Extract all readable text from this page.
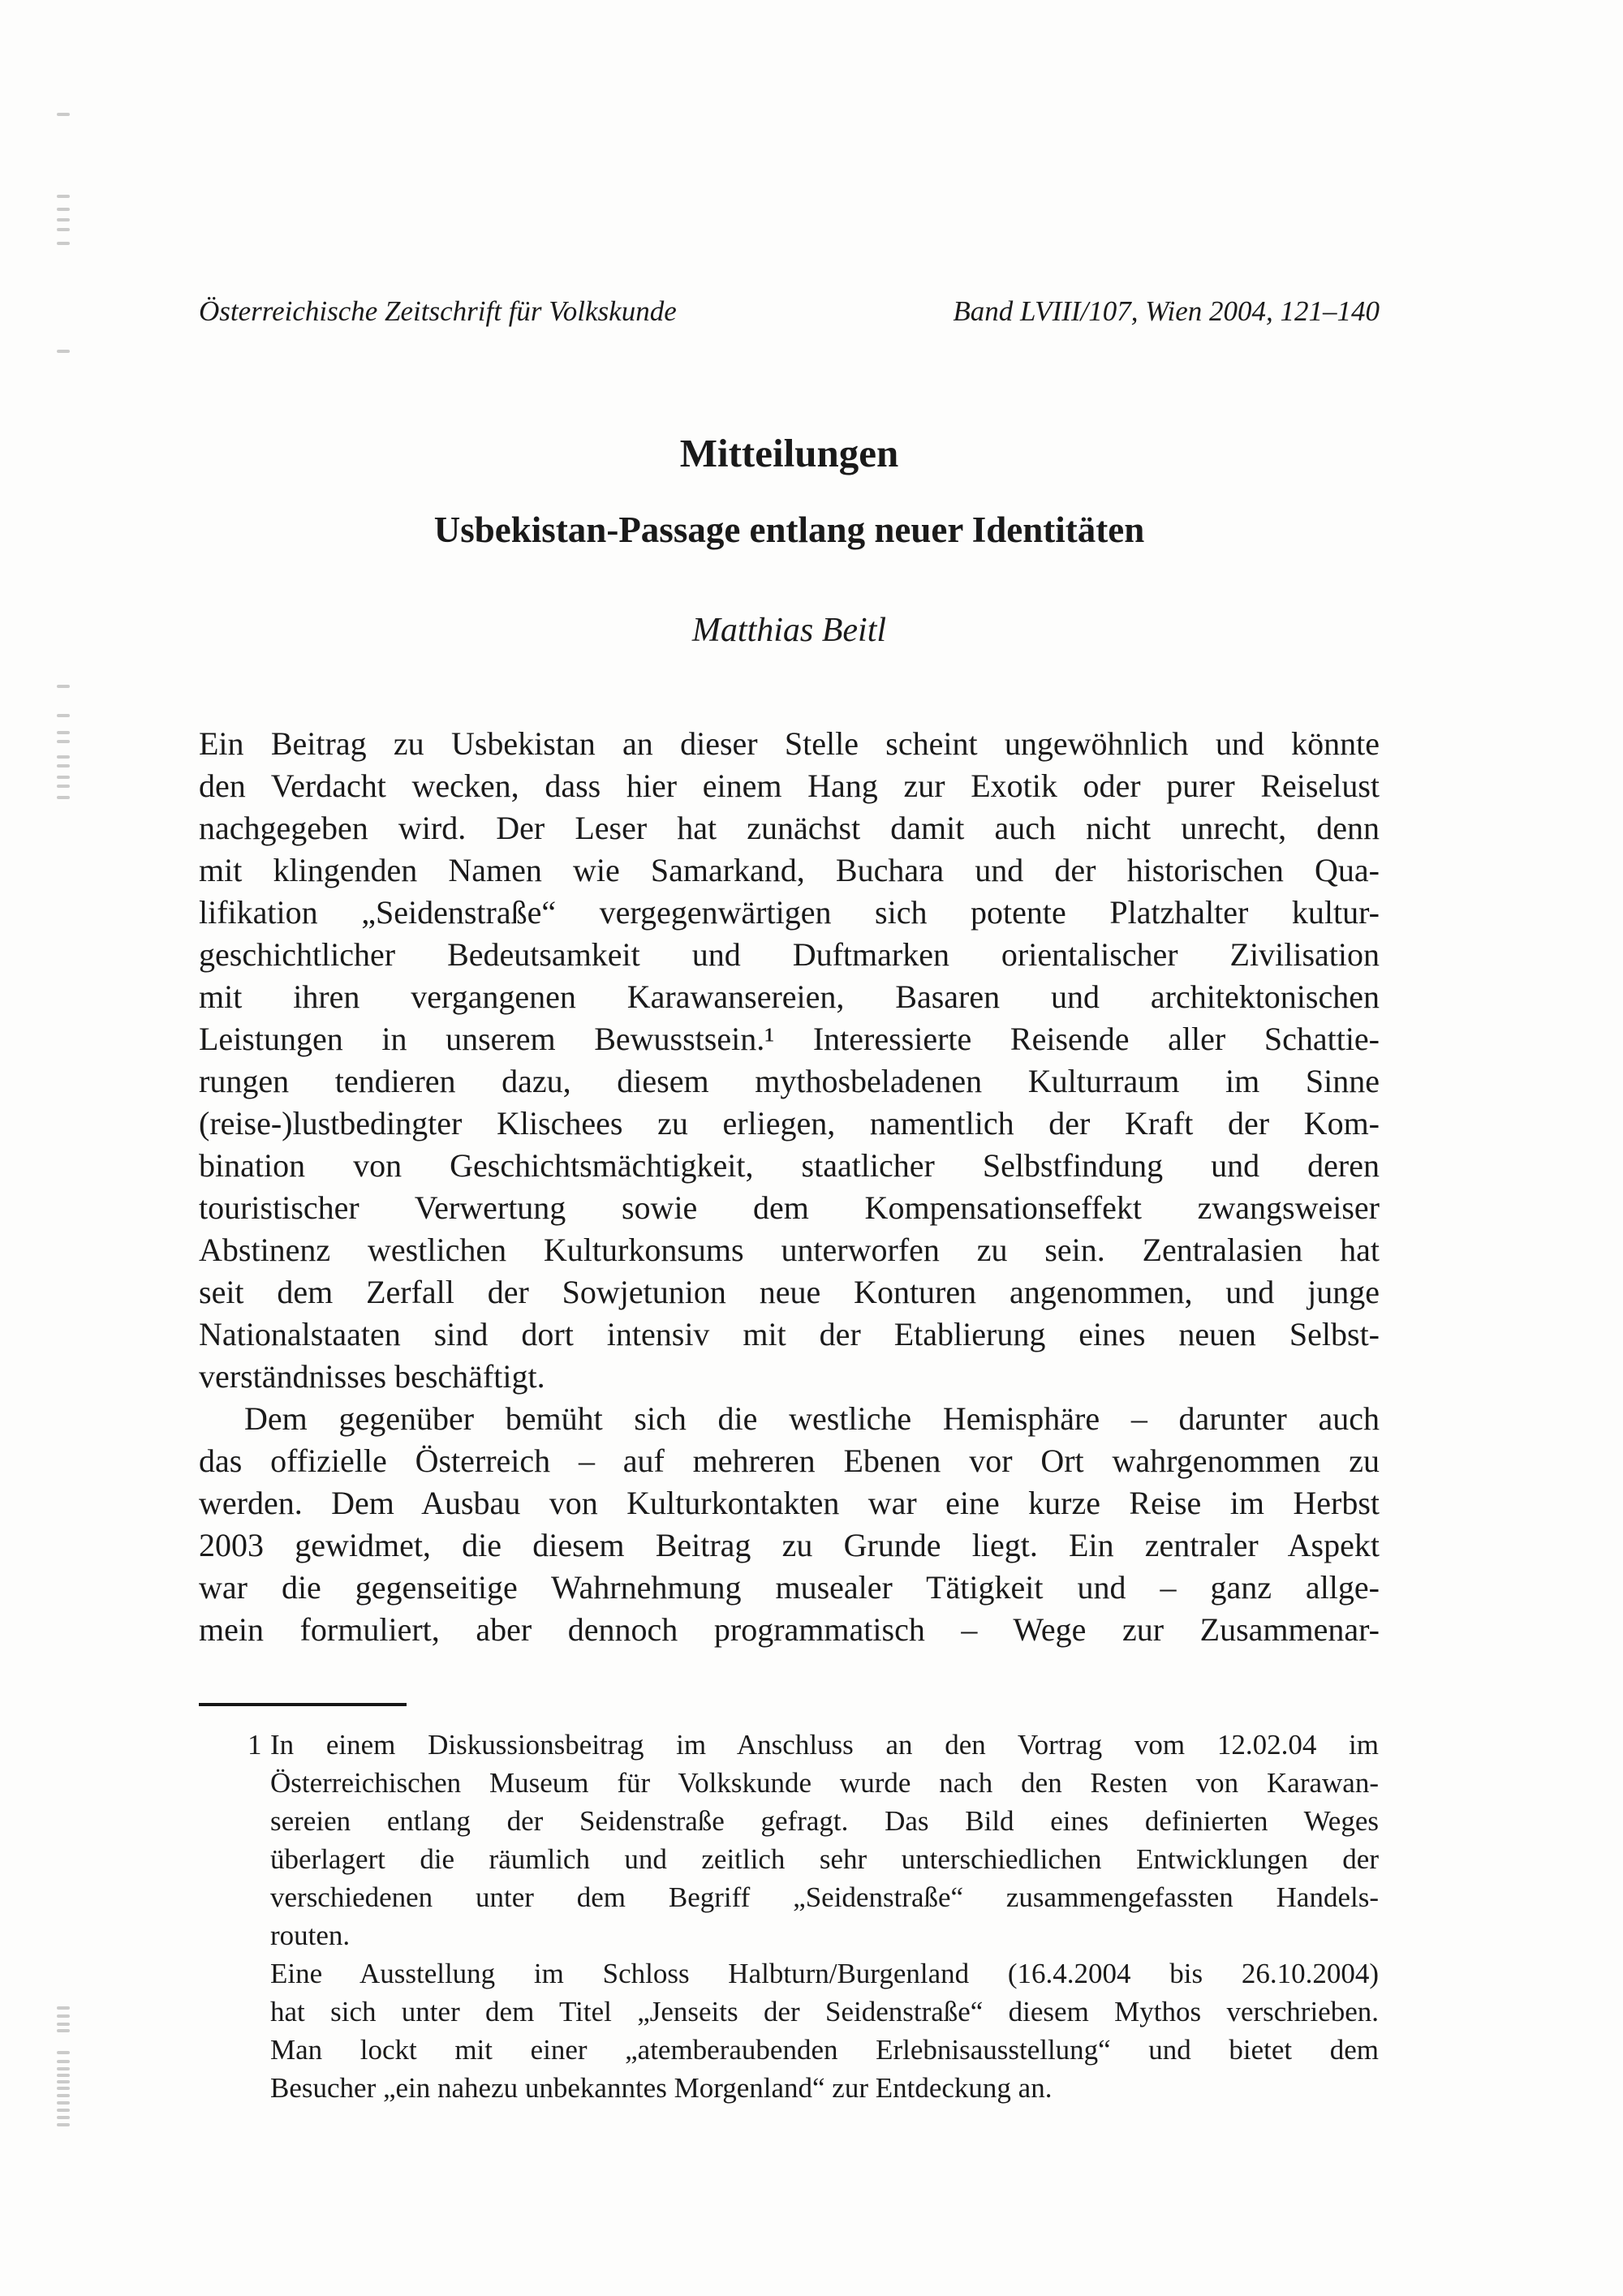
Österreichische Zeitschrift für Volkskunde	Band LVIII/107, Wien 2004, 121–140
Mitteilungen
Usbekistan-Passage entlang neuer Identitäten
Matthias Beitl
Ein Beitrag zu Usbekistan an dieser Stelle scheint ungewöhnlich und könnte
den Verdacht wecken, dass hier einem Hang zur Exotik oder purer Reiselust
nachgegeben wird. Der Leser hat zunächst damit auch nicht unrecht, denn
mit klingenden Namen wie Samarkand, Buchara und der historischen Qua-
lifikation „Seidenstraße“ vergegenwärtigen sich potente Platzhalter kultur-
geschichtlicher Bedeutsamkeit und Duftmarken orientalischer Zivilisation
mit ihren vergangenen Karawansereien, Basaren und architektonischen
Leistungen in unserem Bewusstsein.¹ Interessierte Reisende aller Schattie-
rungen tendieren dazu, diesem mythosbeladenen Kulturraum im Sinne
(reise-)lustbedingter Klischees zu erliegen, namentlich der Kraft der Kom-
bination von Geschichtsmächtigkeit, staatlicher Selbstfindung und deren
touristischer Verwertung sowie dem Kompensationseffekt zwangsweiser
Abstinenz westlichen Kulturkonsums unterworfen zu sein. Zentralasien hat
seit dem Zerfall der Sowjetunion neue Konturen angenommen, und junge
Nationalstaaten sind dort intensiv mit der Etablierung eines neuen Selbst-
verständnisses beschäftigt.
Dem gegenüber bemüht sich die westliche Hemisphäre – darunter auch
das offizielle Österreich – auf mehreren Ebenen vor Ort wahrgenommen zu
werden. Dem Ausbau von Kulturkontakten war eine kurze Reise im Herbst
2003 gewidmet, die diesem Beitrag zu Grunde liegt. Ein zentraler Aspekt
war die gegenseitige Wahrnehmung musealer Tätigkeit und – ganz allge-
mein formuliert, aber dennoch programmatisch – Wege zur Zusammenar-
1 In einem Diskussionsbeitrag im Anschluss an den Vortrag vom 12.02.04 im
Österreichischen Museum für Volkskunde wurde nach den Resten von Karawan-
sereien entlang der Seidenstraße gefragt. Das Bild eines definierten Weges
überlagert die räumlich und zeitlich sehr unterschiedlichen Entwicklungen der
verschiedenen unter dem Begriff „Seidenstraße“ zusammengefassten Handels-
routen.
Eine Ausstellung im Schloss Halbturn/Burgenland (16.4.2004 bis 26.10.2004)
hat sich unter dem Titel „Jenseits der Seidenstraße“ diesem Mythos verschrieben.
Man lockt mit einer „atemberaubenden Erlebnisausstellung“ und bietet dem
Besucher „ein nahezu unbekanntes Morgenland“ zur Entdeckung an.
